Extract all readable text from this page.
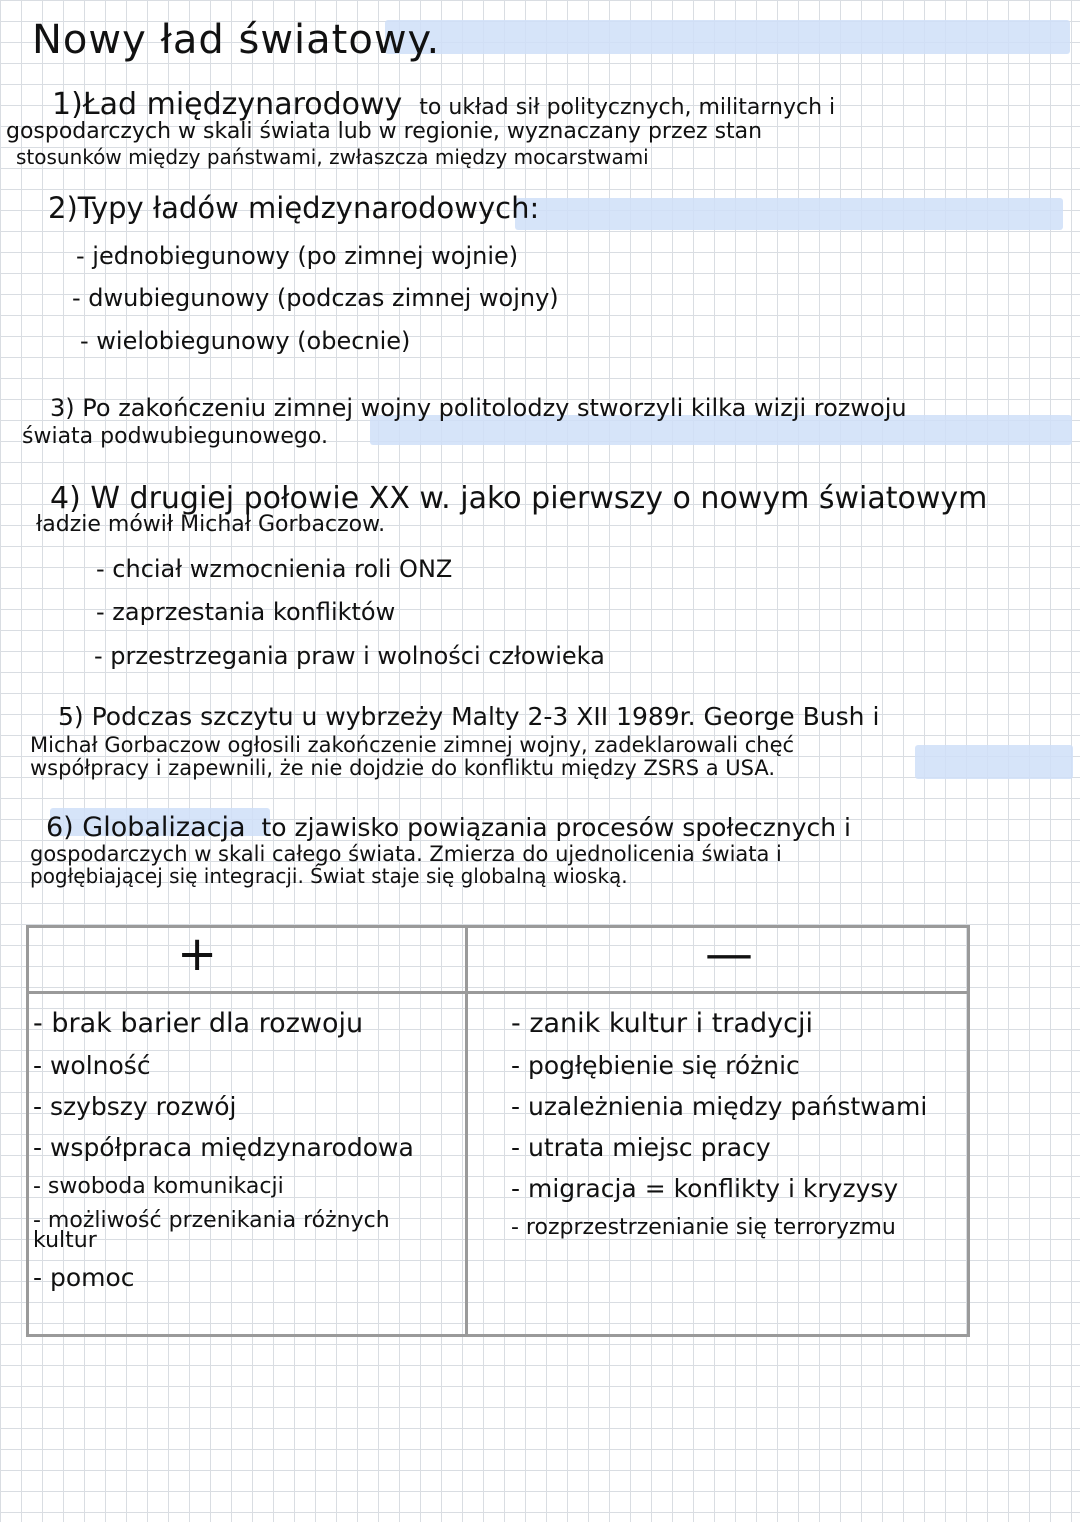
Nowy ład światowy.
1)Ład międzynarodowy to układ sił politycznych, militarnych i
gospodarczych w skali świata lub w regionie, wyznaczany przez stan
stosunków między państwami, zwłaszcza między mocarstwami
2)Typy ładów międzynarodowych:
- jednobiegunowy (po zimnej wojnie)
- dwubiegunowy (podczas zimnej wojny)
- wielobiegunowy (obecnie)
3) Po zakończeniu zimnej wojny politolodzy stworzyli kilka wizji rozwoju
świata podwubiegunowego.
4) W drugiej połowie XX w. jako pierwszy o nowym światowym
ładzie mówił Michał Gorbaczow.
- chciał wzmocnienia roli ONZ
- zaprzestania konfliktów
- przestrzegania praw i wolności człowieka
5) Podczas szczytu u wybrzeży Malty 2-3 XII 1989r. George Bush i
Michał Gorbaczow ogłosili zakończenie zimnej wojny, zadeklarowali chęć
współpracy i zapewnili, że nie dojdzie do konfliktu między ZSRS a USA.
6) Globalizacja to zjawisko powiązania procesów społecznych i
gospodarczych w skali całego świata. Zmierza do ujednolicenia świata i
pogłębiającej się integracji. Świat staje się globalną wioską.
+	—
- brak barier dla rozwoju
- wolność
- szybszy rozwój
- współpraca międzynarodowa
- swoboda komunikacji
- możliwość przenikania różnych kultur
- pomoc
- zanik kultur i tradycji
- pogłębienie się różnic
- uzależnienia między państwami
- utrata miejsc pracy
- migracja = konflikty i kryzysy
- rozprzestrzenianie się terroryzmu
